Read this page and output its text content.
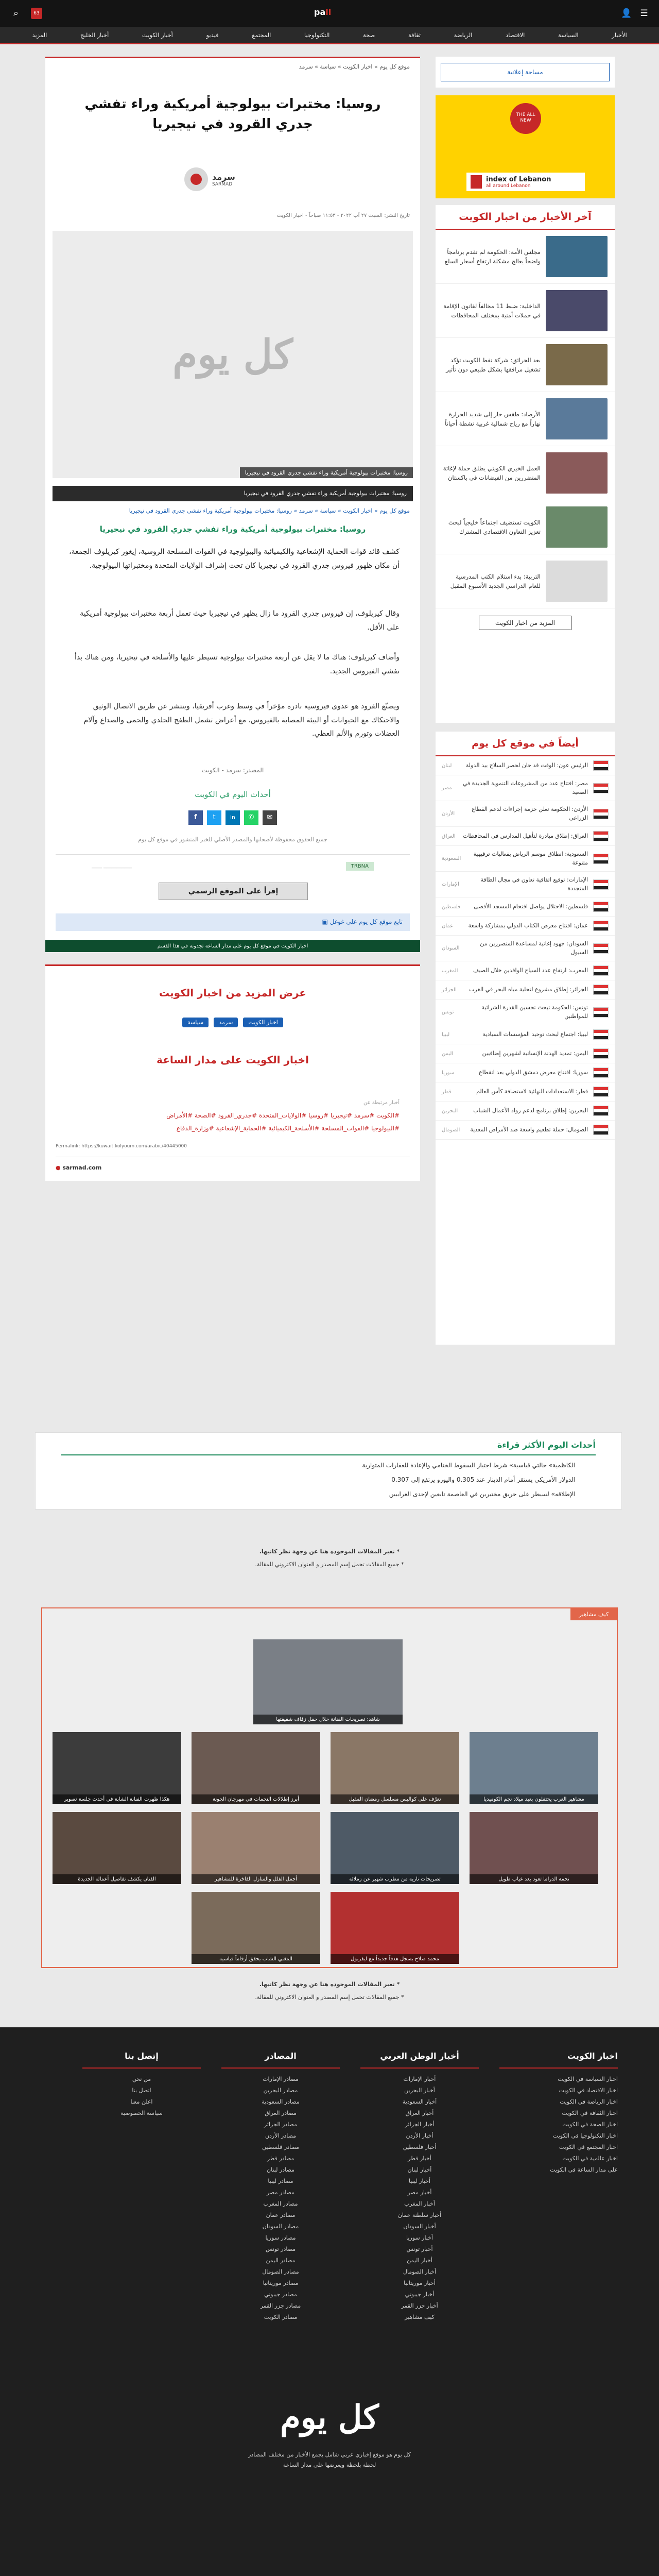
☰
👤
pall
⌕	63
الأخبار
السياسة
الاقتصاد
الرياضة
ثقافة
صحة
التكنولوجيا
المجتمع
فيديو
أخبار الكويت
أخبار الخليج
المزيد
موقع كل يوم » اخبار الكويت » سياسة » سرمد
روسيا: مختبرات بيولوجية أمريكية وراء تفشي جدري القرود في نيجيريا
سرمد
SARMAD
تاريخ النشر: السبت ٢٧ آب ٢٠٢٢ - ١١:٥٣ صباحاً - اخبار الكويت
كل يوم
روسيا: مختبرات بيولوجية أمريكية وراء تفشي جدري القرود في نيجيريا
روسيا: مختبرات بيولوجية أمريكية وراء تفشي جدري القرود في نيجيريا
موقع كل يوم » اخبار الكويت » سياسة » سرمد » روسيا: مختبرات بيولوجية أمريكية وراء تفشي جدري القرود في نيجيريا
روسيا: مختبرات بيولوجية أمريكية وراء تفشي جدري القرود في نيجيريا
كشف قائد قوات الحماية الإشعاعية والكيميائية والبيولوجية في القوات المسلحة الروسية، إيغور كيريلوف الجمعة، أن مكان ظهور فيروس جدري القرود في نيجيريا كان تحت إشراف الولايات المتحدة ومختبراتها البيولوجية.
وقال كيريلوف، إن فيروس جدري القرود ما زال يظهر في نيجيريا حيث تعمل أربعة مختبرات بيولوجية أمريكية على الأقل.
وأضاف كيريلوف: هناك ما لا يقل عن أربعة مختبرات بيولوجية تسيطر عليها والأسلحة في نيجيريا، ومن هناك بدأ تفشي الفيروس الجديد.
ويصنّع القرود هو عدوى فيروسية نادرة مؤخراً في وسط وغرب أفريقيا، وينتشر عن طريق الاتصال الوثيق والاحتكاك مع الحيوانات أو البيئة المصابة بالفيروس، مع أعراض تشمل الطفح الجلدي والحمى والصداع وآلام العضلات وتورم والألم العظي.
المصدر: سرمد - الكويت
أحداث اليوم في الكويت
f	t	in	✆	✉
جميع الحقوق محفوظة لأصحابها والمصدر الأصلي للخبر المنشور في موقع كل يوم
TRBNA
___________ ____
إقرأ على الموقع الرسمي
تابع موقع كل يوم على غوغل ▣
اخبار الكويت في موقع كل يوم على مدار الساعة تجدونه في هذا القسم
عرض المزيد من اخبار الكويت
اخبار الكويت سرمد سياسة
اخبار الكويت على مدار الساعة
أخبار مرتبطة عن
#الكويت #سرمد #نيجيريا #روسيا #الولايات_المتحدة #جدري_القرود #الصحة #الأمراض
#البيولوجيا #القوات_المسلحة #الأسلحة_الكيميائية #الحماية_الإشعاعية #وزارة_الدفاع
Permalink: https://kuwait.kolyoum.com/arabic/40445000
● sarmad.com
مساحة إعلانية
THE ALL NEW
index of Lebanon
all around Lebanon
آخر الأخبار من اخبار الكويت
مجلس الأمة: الحكومة لم تقدم برنامجاً واضحاً يعالج مشكلة ارتفاع أسعار السلع
الداخلية: ضبط 11 مخالفاً لقانون الإقامة في حملات أمنية بمختلف المحافظات
بعد الحرائق: شركة نفط الكويت تؤكد تشغيل مرافقها بشكل طبيعي دون تأثير
الأرصاد: طقس حار إلى شديد الحرارة نهاراً مع رياح شمالية غربية نشطة أحياناً
العمل الخيري الكويتي يطلق حملة لإغاثة المتضررين من الفيضانات في باكستان
الكويت تستضيف اجتماعاً خليجياً لبحث تعزيز التعاون الاقتصادي المشترك
التربية: بدء استلام الكتب المدرسية للعام الدراسي الجديد الأسبوع المقبل
المزيد من اخبار الكويت
أيضاً في موقع كل يوم
الرئيس عون: الوقت قد حان لحصر السلاح بيد الدولة
لبنان
مصر: افتتاح عدد من المشروعات التنموية الجديدة في الصعيد
مصر
الأردن: الحكومة تعلن حزمة إجراءات لدعم القطاع الزراعي
الأردن
العراق: إطلاق مبادرة لتأهيل المدارس في المحافظات
العراق
السعودية: انطلاق موسم الرياض بفعاليات ترفيهية متنوعة
السعودية
الإمارات: توقيع اتفاقية تعاون في مجال الطاقة المتجددة
الإمارات
فلسطين: الاحتلال يواصل اقتحام المسجد الأقصى
فلسطين
عمان: افتتاح معرض الكتاب الدولي بمشاركة واسعة
عمان
السودان: جهود إغاثية لمساعدة المتضررين من السيول
السودان
المغرب: ارتفاع عدد السياح الوافدين خلال الصيف
المغرب
الجزائر: إطلاق مشروع لتحلية مياه البحر في الغرب
الجزائر
تونس: الحكومة تبحث تحسين القدرة الشرائية للمواطنين
تونس
ليبيا: اجتماع لبحث توحيد المؤسسات السيادية
ليبيا
اليمن: تمديد الهدنة الإنسانية لشهرين إضافيين
اليمن
سوريا: افتتاح معرض دمشق الدولي بعد انقطاع
سوريا
قطر: الاستعدادات النهائية لاستضافة كأس العالم
قطر
البحرين: إطلاق برنامج لدعم رواد الأعمال الشباب
البحرين
الصومال: حملة تطعيم واسعة ضد الأمراض المعدية
الصومال
أحداث اليوم الأكثر قراءة
الكاظمية» حالتي قياسية» شرط اجتياز السقوط الختامي والإعادة للعقارات المتوارية
الدولار الأمريكي يستقر أمام الدينار عند 0.305 واليورو يرتفع إلى 0.307
الإطلاقه» لسيطر على حريق مختبرين في العاصمة تابعين لإحدى الغرابيين
* تعبر المقالات الموجوده هنا عن وجهة نظر كاتبها.
* جميع المقالات تحمل إسم المصدر و العنوان الاكتروني للمقالة.
كيف مشاهير
شاهد: تصريحات الفنانة خلال حفل زفاف شقيقتها
هكذا ظهرت الفنانة الشابة في أحدث جلسة تصوير	أبرز إطلالات النجمات في مهرجان الجونة	تعرّف على كواليس مسلسل رمضان المقبل	مشاهير العرب يحتفلون بعيد ميلاد نجم الكوميديا
الفنان يكشف تفاصيل أعماله الجديدة	أجمل الفلل والمنازل الفاخرة للمشاهير	تصريحات نارية من مطرب شهير عن زملائه	نجمة الدراما تعود بعد غياب طويل
المغني الشاب يحقق أرقاماً قياسية	محمد صلاح يسجل هدفاً جديداً مع ليفربول
* تعبر المقالات الموجوده هنا عن وجهة نظر كاتبها.
* جميع المقالات تحمل إسم المصدر و العنوان الاكتروني للمقالة.
اخبار الكويت
اخبار السياسة في الكويت
اخبار الاقتصاد في الكويت
اخبار الرياضة في الكويت
اخبار الثقافة في الكويت
اخبار الصحة في الكويت
اخبار التكنولوجيا في الكويت
اخبار المجتمع في الكويت
اخبار عالمية في الكويت
على مدار الساعة في الكويت
أخبار الوطن العربي
أخبار الإمارات
أخبار البحرين
أخبار السعودية
أخبار العراق
أخبار الجزائر
أخبار الأردن
أخبار فلسطين
أخبار قطر
أخبار لبنان
أخبار ليبيا
أخبار مصر
أخبار المغرب
أخبار سلطنة عمان
أخبار السودان
أخبار سوريا
أخبار تونس
أخبار اليمن
أخبار الصومال
أخبار موريتانيا
أخبار جيبوتي
أخبار جزر القمر
كيف مشاهير
المصادر
مصادر الإمارات
مصادر البحرين
مصادر السعودية
مصادر العراق
مصادر الجزائر
مصادر الأردن
مصادر فلسطين
مصادر قطر
مصادر لبنان
مصادر ليبيا
مصادر مصر
مصادر المغرب
مصادر عمان
مصادر السودان
مصادر سوريا
مصادر تونس
مصادر اليمن
مصادر الصومال
مصادر موريتانيا
مصادر جيبوتي
مصادر جزر القمر
مصادر الكويت
إتصل بنا
من نحن
اتصل بنا
اعلن معنا
سياسة الخصوصية
كل يوم
كل يوم هو موقع إخباري عربي شامل يجمع الأخبار من مختلف المصادر لحظة بلحظة ويعرضها على مدار الساعة
